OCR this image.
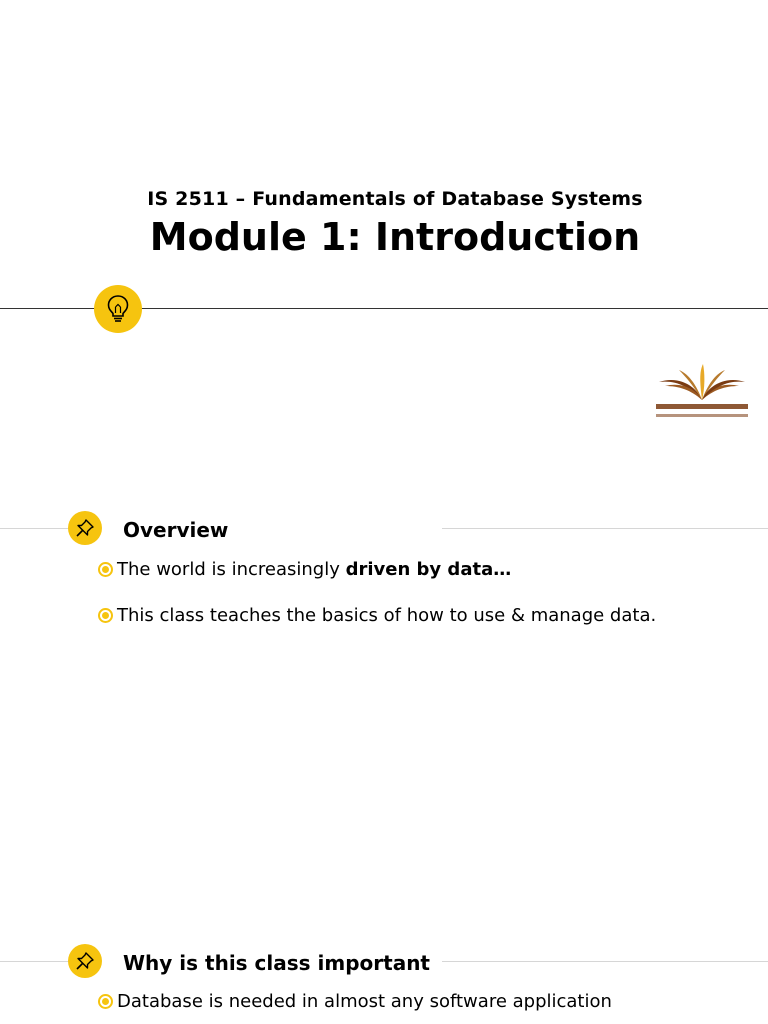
IS 2511 – Fundamentals of Database Systems
Module 1: Introduction
Overview
The world is increasingly driven by data…
This class teaches the basics of how to use & manage data.
Why is this class important
Database is needed in almost any software application
